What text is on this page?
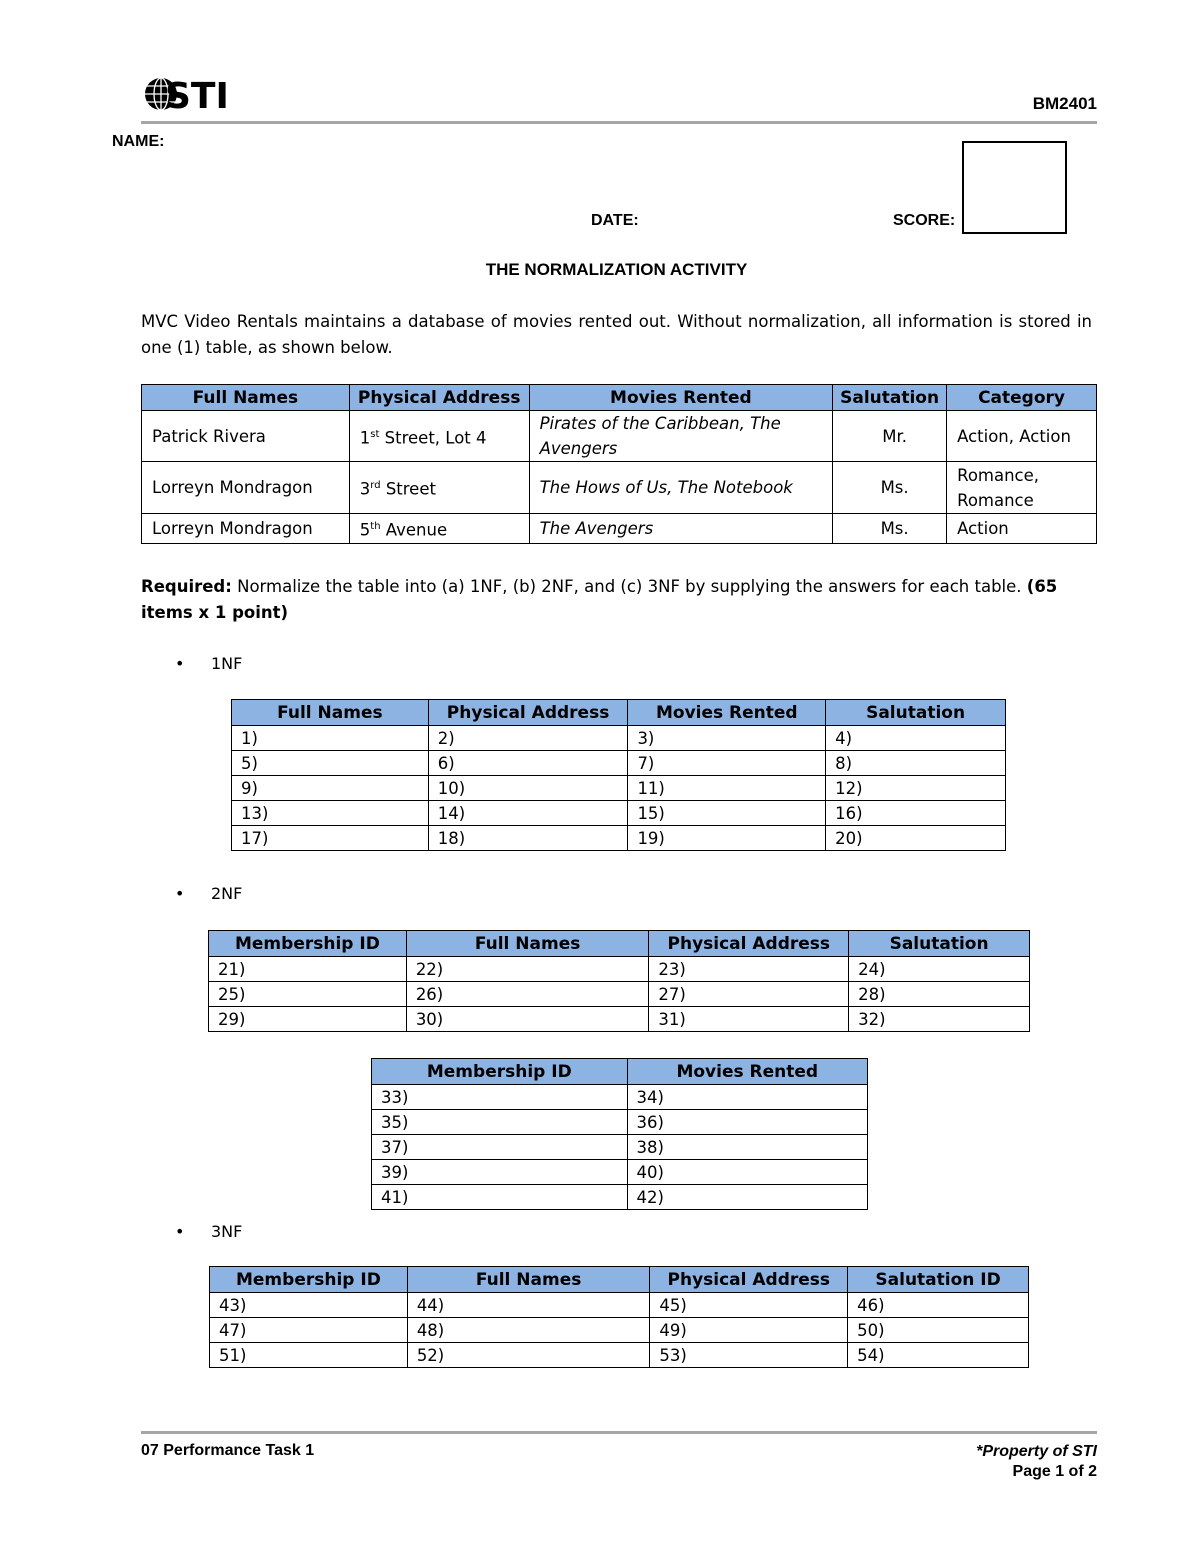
STI	BM2401
NAME:
DATE:	SCORE:
THE NORMALIZATION ACTIVITY
MVC Video Rentals maintains a database of movies rented out. Without normalization, all information is stored in one (1) table, as shown below.
Full Names	Physical Address	Movies Rented	Salutation	Category
Patrick Rivera	1st Street, Lot 4	Pirates of the Caribbean, The Avengers	Mr.	Action, Action
Lorreyn Mondragon	3rd Street	The Hows of Us, The Notebook	Ms.	Romance, Romance
Lorreyn Mondragon	5th Avenue	The Avengers	Ms.	Action
Required: Normalize the table into (a) 1NF, (b) 2NF, and (c) 3NF by supplying the answers for each table. (65 items x 1 point)
• 1NF
Full Names	Physical Address	Movies Rented	Salutation
1)	2)	3)	4)
5)	6)	7)	8)
9)	10)	11)	12)
13)	14)	15)	16)
17)	18)	19)	20)
• 2NF
Membership ID	Full Names	Physical Address	Salutation
21)	22)	23)	24)
25)	26)	27)	28)
29)	30)	31)	32)
Membership ID	Movies Rented
33)	34)
35)	36)
37)	38)
39)	40)
41)	42)
• 3NF
Membership ID	Full Names	Physical Address	Salutation ID
43)	44)	45)	46)
47)	48)	49)	50)
51)	52)	53)	54)
07 Performance Task 1	*Property of STI
Page 1 of 2
